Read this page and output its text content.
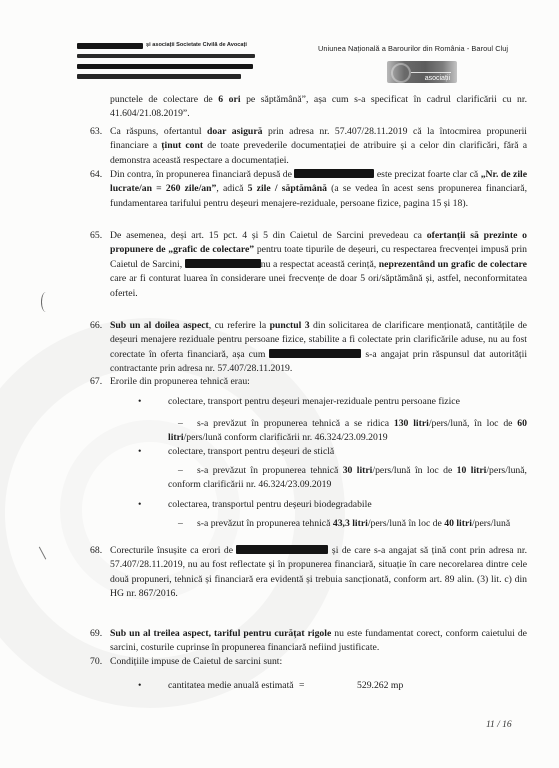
și asociații Societate Civilă de Avocați	Uniunea Națională a Barourilor din România - Baroul Cluj
asociații
punctele de colectare de 6 ori pe săptămână”, așa cum s-a specificat în cadrul clarificării cu nr. 41.604/21.08.2019”.
63. Ca răspuns, ofertantul doar asigură prin adresa nr. 57.407/28.11.2019 că la întocmirea propunerii financiare a ținut cont de toate prevederile documentației de atribuire și a celor din clarificări, fără a demonstra această respectare a documentației.
64. Din contra, în propunerea financiară depusă de	este precizat foarte clar că „Nr. de zile lucrate/an = 260 zile/an”, adică 5 zile / săptămână (a se vedea în acest sens propunerea financiară, fundamentarea tarifului pentru deșeuri menajere-reziduale, persoane fizice, pagina 15 și 18).
65. De asemenea, deși art. 15 pct. 4 și 5 din Caietul de Sarcini prevedeau ca ofertanții să prezinte o propunere de „grafic de colectare” pentru toate tipurile de deșeuri, cu respectarea frecvenței impusă prin Caietul de Sarcini,	nu a respectat această cerință, neprezentând un grafic de colectare care ar fi conturat luarea în considerare unei frecvențe de doar 5 ori/săptămână și, astfel, neconformitatea ofertei.
66. Sub un al doilea aspect, cu referire la punctul 3 din solicitarea de clarificare menționată, cantitățile de deșeuri menajere reziduale pentru persoane fizice, stabilite a fi colectate prin clarificările aduse, nu au fost corectate în oferta financiară, așa cum	s-a angajat prin răspunsul dat autorității contractante prin adresa nr. 57.407/28.11.2019.
67. Erorile din propunerea tehnică erau:
•	colectare, transport pentru deșeuri menajer-reziduale pentru persoane fizice
– s-a prevăzut în propunerea tehnică a se ridica 130 litri/pers/lună, în loc de 60 litri/pers/lună conform clarificării nr. 46.324/23.09.2019
•	colectare, transport pentru deșeuri de sticlă
– s-a prevăzut în propunerea tehnică 30 litri/pers/lună în loc de 10 litri/pers/lună, conform clarificării nr. 46.324/23.09.2019
•	colectarea, transportul pentru deșeuri biodegradabile
– s-a prevăzut în propunerea tehnică 43,3 litri/pers/lună în loc de 40 litri/pers/lună
68. Corecturile însușite ca erori de	și de care s-a angajat să țină cont prin adresa nr. 57.407/28.11.2019, nu au fost reflectate și în propunerea financiară, situație în care necorelarea dintre cele două propuneri, tehnică și financiară era evidentă și trebuia sancționată, conform art. 89 alin. (3) lit. c) din HG nr. 867/2016.
69. Sub un al treilea aspect, tariful pentru curățat rigole nu este fundamentat corect, conform caietului de sarcini, costurile cuprinse în propunerea financiară nefiind justificate.
70. Condițiile impuse de Caietul de sarcini sunt:
•	cantitatea medie anuală estimată =	529.262 mp
11 / 16
